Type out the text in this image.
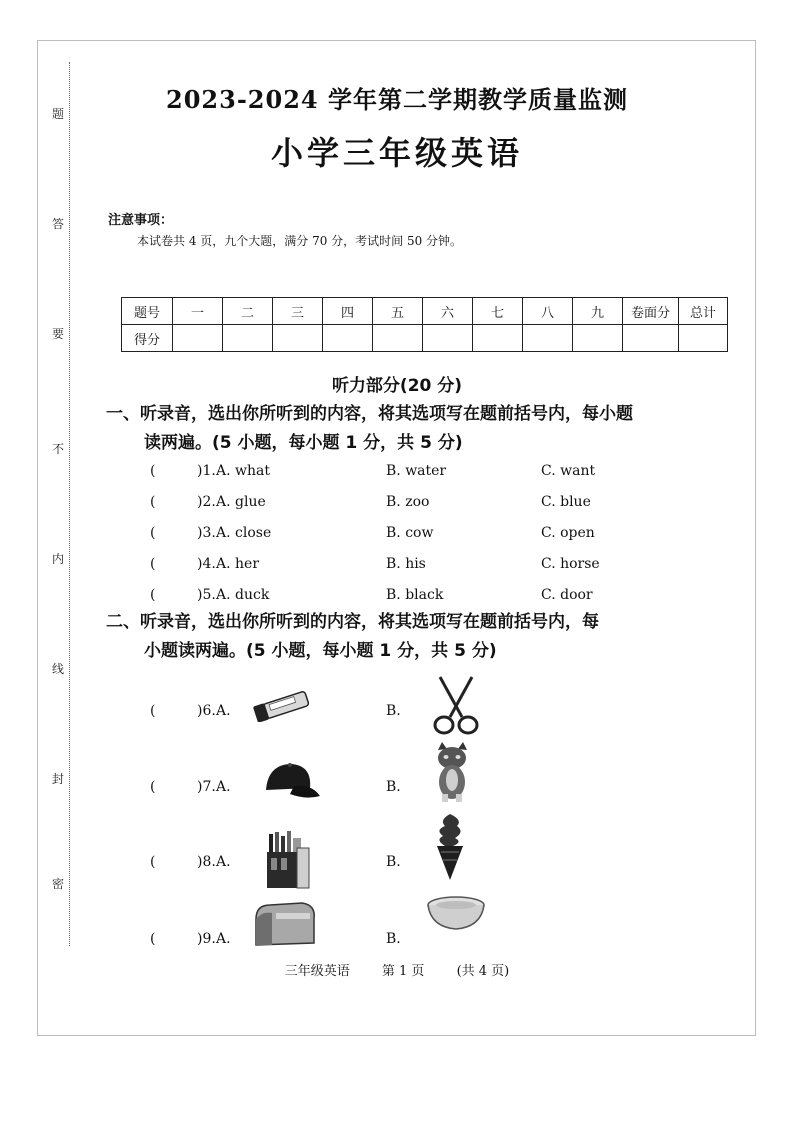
题
答
要
不
内
线
封
密
2023-2024 学年第二学期教学质量监测
小学三年级英语
注意事项：
本试卷共 4 页，九个大题，满分 70 分，考试时间 50 分钟。
题号	一	二	三	四	五	六	七	八	九	卷面分	总计
得分											
听力部分(20 分)
一、听录音，选出你所听到的内容，将其选项写在题前括号内，每小题
读两遍。(5 小题，每小题 1 分，共 5 分)
(	)1. A. what	B. water	C. want
(	)2. A. glue	B. zoo	C. blue
(	)3. A. close	B. cow	C. open
(	)4. A. her	B. his	C. horse
(	)5. A. duck	B. black	C. door
二、听录音，选出你所听到的内容，将其选项写在题前括号内，每
小题读两遍。(5 小题，每小题 1 分，共 5 分)
(	)6. A.	B.
(	)7. A.	B.
(	)8. A.	B.
(	)9. A.	B.
三年级英语 第 1 页 (共 4 页)
